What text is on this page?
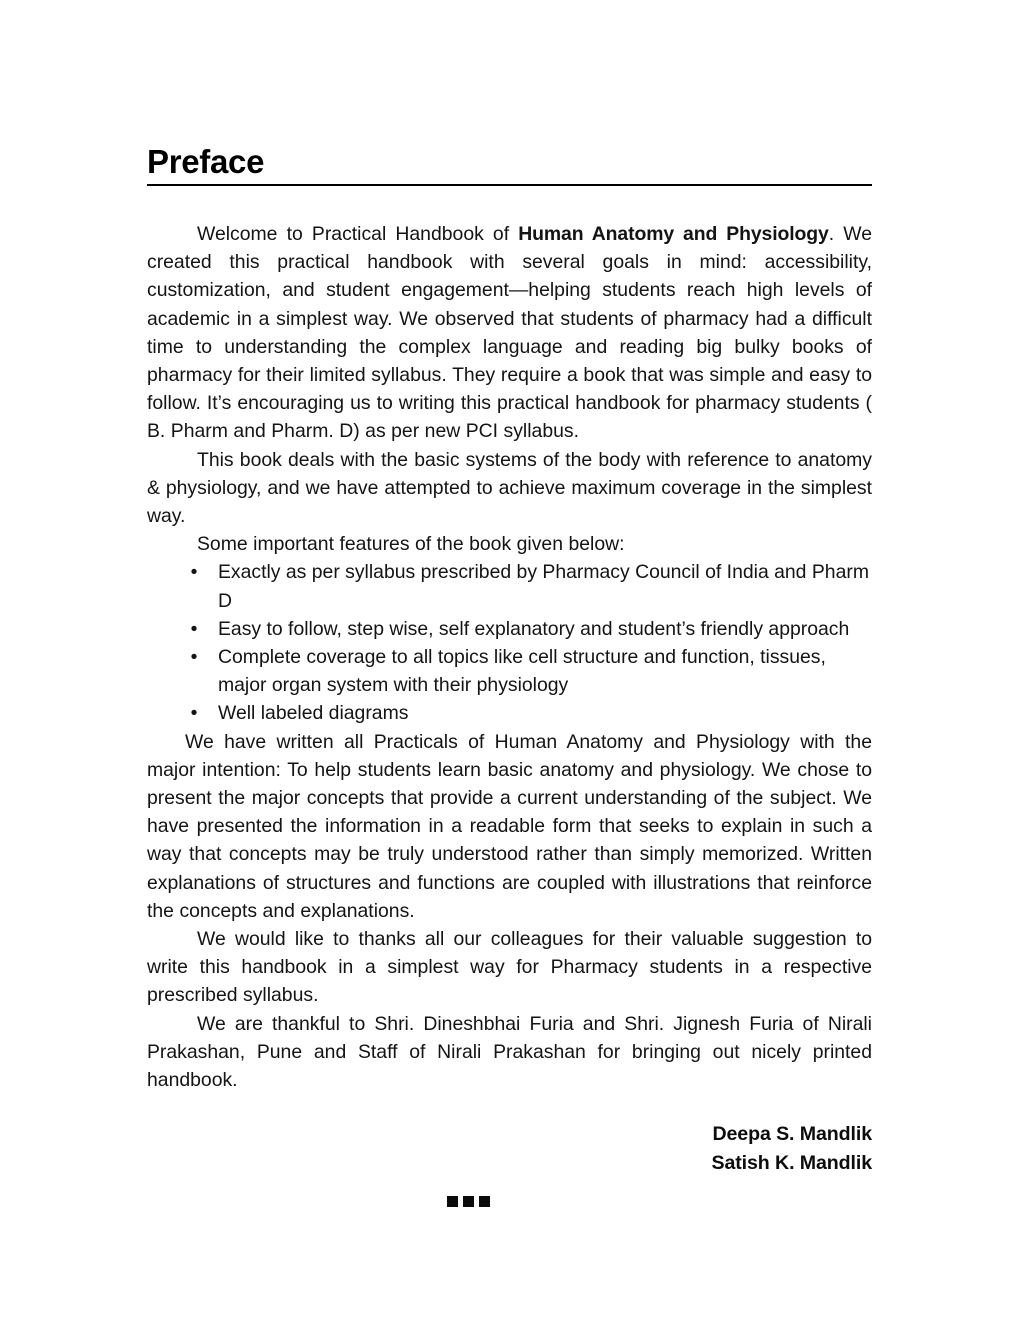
Preface

Welcome to Practical Handbook of Human Anatomy and Physiology. We created this practical handbook with several goals in mind: accessibility, customization, and student engagement—helping students reach high levels of academic in a simplest way. We observed that students of pharmacy had a difficult time to understanding the complex language and reading big bulky books of pharmacy for their limited syllabus. They require a book that was simple and easy to follow. It’s encouraging us to writing this practical handbook for pharmacy students ( B. Pharm and Pharm. D) as per new PCI syllabus.

This book deals with the basic systems of the body with reference to anatomy & physiology, and we have attempted to achieve maximum coverage in the simplest way.

Some important features of the book given below:

• Exactly as per syllabus prescribed by Pharmacy Council of India and Pharm D
• Easy to follow, step wise, self explanatory and student’s friendly approach
• Complete coverage to all topics like cell structure and function, tissues, major organ system with their physiology
• Well labeled diagrams

We have written all Practicals of Human Anatomy and Physiology with the major intention: To help students learn basic anatomy and physiology. We chose to present the major concepts that provide a current understanding of the subject. We have presented the information in a readable form that seeks to explain in such a way that concepts may be truly understood rather than simply memorized. Written explanations of structures and functions are coupled with illustrations that reinforce the concepts and explanations.

We would like to thanks all our colleagues for their valuable suggestion to write this handbook in a simplest way for Pharmacy students in a respective prescribed syllabus.

We are thankful to Shri. Dineshbhai Furia and Shri. Jignesh Furia of Nirali Prakashan, Pune and Staff of Nirali Prakashan for bringing out nicely printed handbook.

Deepa S. Mandlik
Satish K. Mandlik
